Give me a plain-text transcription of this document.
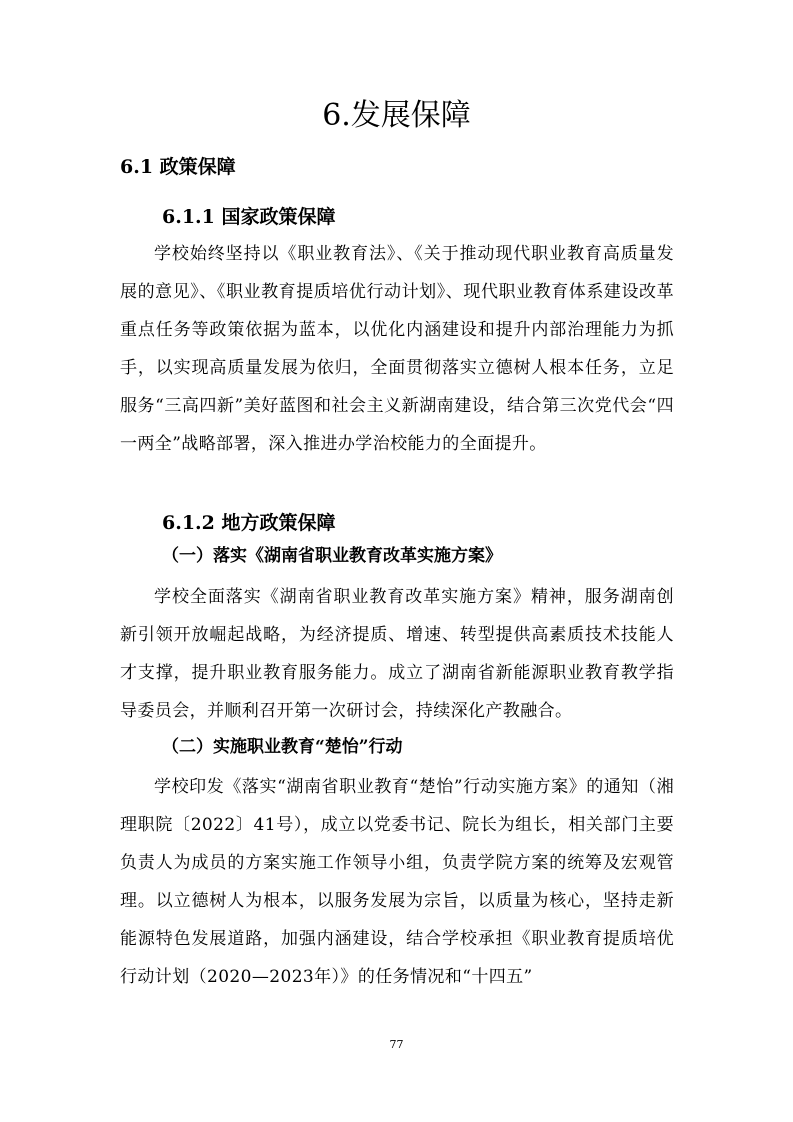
6.发展保障
6.1 政策保障
6.1.1 国家政策保障

学校始终坚持以《职业教育法》、《关于推动现代职业教育高质量发展的意见》、《职业教育提质培优行动计划》、现代职业教育体系建设改革重点任务等政策依据为蓝本，以优化内涵建设和提升内部治理能力为抓手，以实现高质量发展为依归，全面贯彻落实立德树人根本任务，立足服务“三高四新”美好蓝图和社会主义新湖南建设，结合第三次党代会“四一两全”战略部署，深入推进办学治校能力的全面提升。

6.1.2 地方政策保障
（一）落实《湖南省职业教育改革实施方案》

学校全面落实《湖南省职业教育改革实施方案》精神，服务湖南创新引领开放崛起战略，为经济提质、增速、转型提供高素质技术技能人才支撑，提升职业教育服务能力。成立了湖南省新能源职业教育教学指导委员会，并顺利召开第一次研讨会，持续深化产教融合。

（二）实施职业教育“楚怡”行动

学校印发《落实“湖南省职业教育“楚怡”行动实施方案》的通知（湘理职院〔2022〕41号），成立以党委书记、院长为组长，相关部门主要负责人为成员的方案实施工作领导小组，负责学院方案的统筹及宏观管理。以立德树人为根本，以服务发展为宗旨，以质量为核心，坚持走新能源特色发展道路，加强内涵建设，结合学校承担《职业教育提质培优行动计划（2020—2023年）》的任务情况和“十四五”

77
